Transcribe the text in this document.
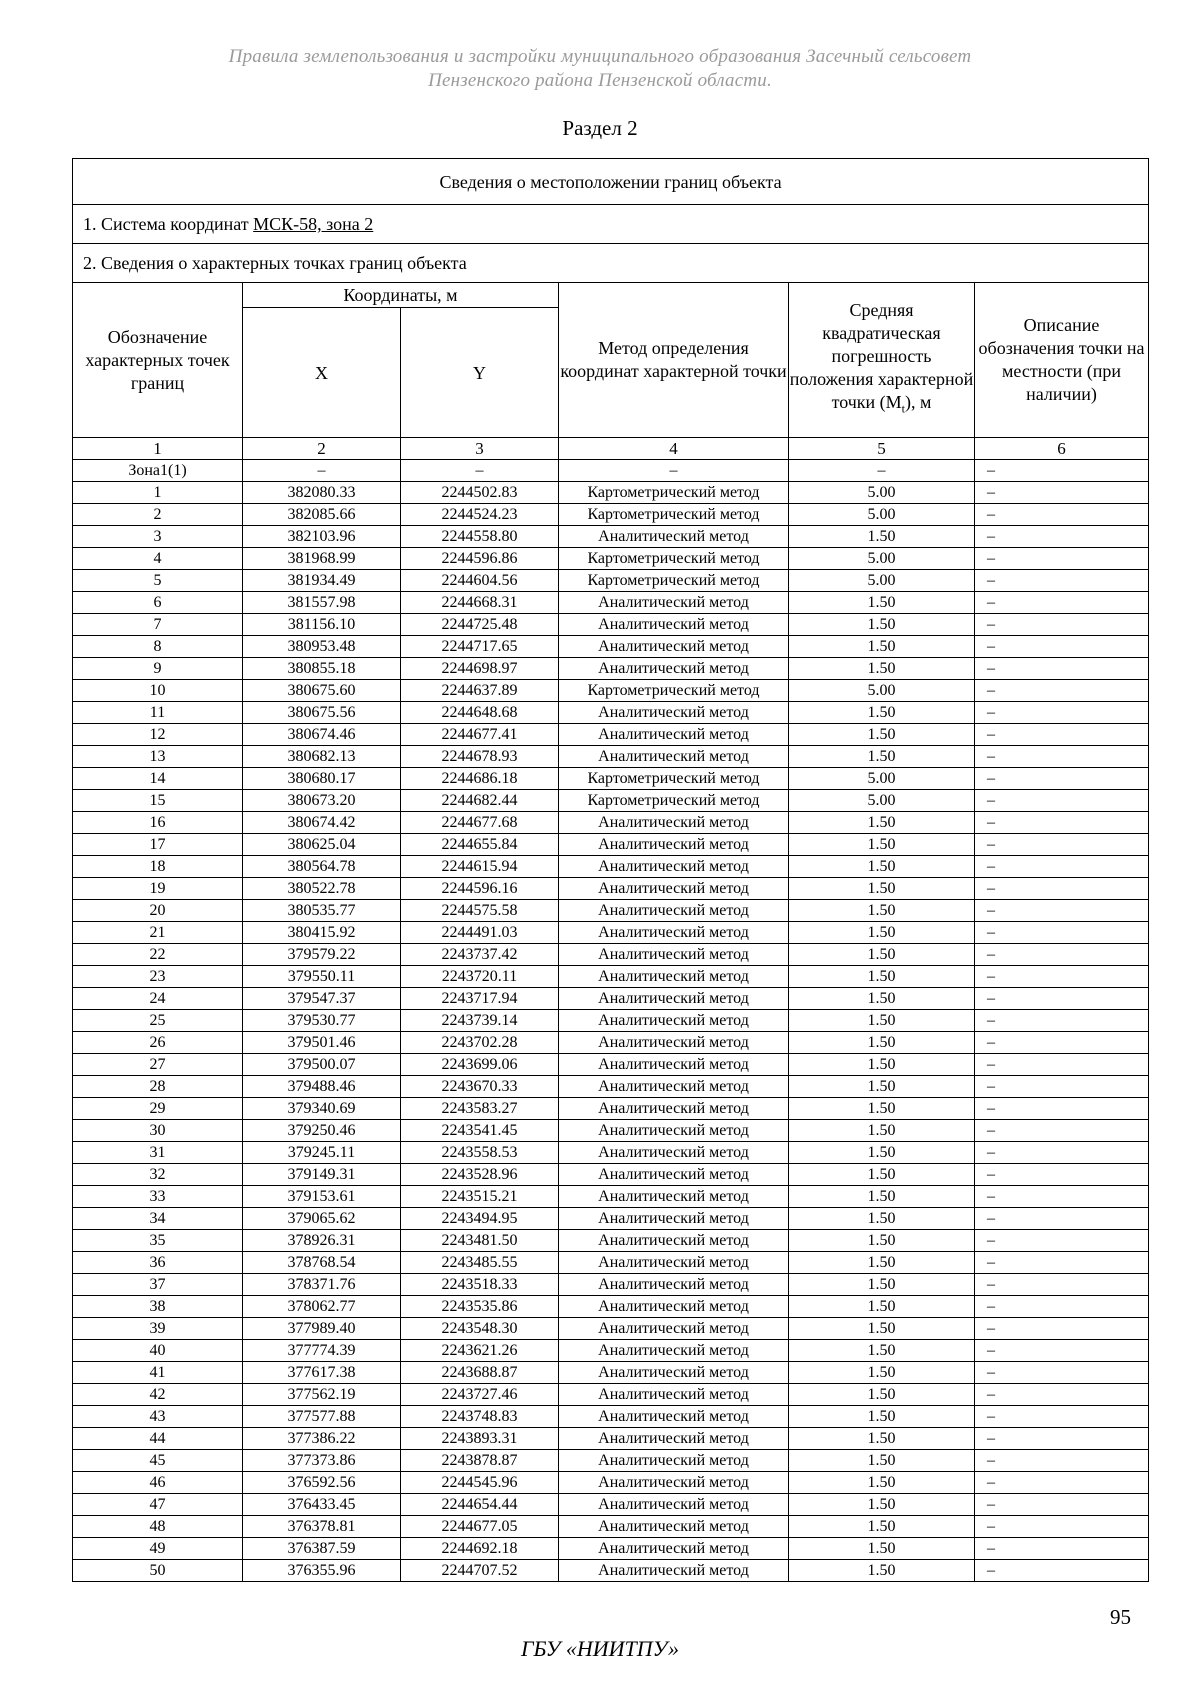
Правила землепользования и застройки муниципального образования Засечный сельсовет
Пензенского района Пензенской области.
Раздел 2
Сведения о местоположении границ объекта					
1. Система координат МСК-58, зона 2					
2. Сведения о характерных точках границ объекта					
Обозначение характерных точек границ	Координаты, м		Метод определения координат характерной точки	Средняя квадратическая погрешность положения характерной точки $(M_t)$, м	Описание обозначения точки на местности (при наличии)
	X	Y			
1	2	3	4	5	6
Зона1(1)	–	–	–	–	–
1	382080.33	2244502.83	Картометрический метод	5.00	–
2	382085.66	2244524.23	Картометрический метод	5.00	–
3	382103.96	2244558.80	Аналитический метод	1.50	–
4	381968.99	2244596.86	Картометрический метод	5.00	–
5	381934.49	2244604.56	Картометрический метод	5.00	–
6	381557.98	2244668.31	Аналитический метод	1.50	–
7	381156.10	2244725.48	Аналитический метод	1.50	–
8	380953.48	2244717.65	Аналитический метод	1.50	–
9	380855.18	2244698.97	Аналитический метод	1.50	–
10	380675.60	2244637.89	Картометрический метод	5.00	–
11	380675.56	2244648.68	Аналитический метод	1.50	–
12	380674.46	2244677.41	Аналитический метод	1.50	–
13	380682.13	2244678.93	Аналитический метод	1.50	–
14	380680.17	2244686.18	Картометрический метод	5.00	–
15	380673.20	2244682.44	Картометрический метод	5.00	–
16	380674.42	2244677.68	Аналитический метод	1.50	–
17	380625.04	2244655.84	Аналитический метод	1.50	–
18	380564.78	2244615.94	Аналитический метод	1.50	–
19	380522.78	2244596.16	Аналитический метод	1.50	–
20	380535.77	2244575.58	Аналитический метод	1.50	–
21	380415.92	2244491.03	Аналитический метод	1.50	–
22	379579.22	2243737.42	Аналитический метод	1.50	–
23	379550.11	2243720.11	Аналитический метод	1.50	–
24	379547.37	2243717.94	Аналитический метод	1.50	–
25	379530.77	2243739.14	Аналитический метод	1.50	–
26	379501.46	2243702.28	Аналитический метод	1.50	–
27	379500.07	2243699.06	Аналитический метод	1.50	–
28	379488.46	2243670.33	Аналитический метод	1.50	–
29	379340.69	2243583.27	Аналитический метод	1.50	–
30	379250.46	2243541.45	Аналитический метод	1.50	–
31	379245.11	2243558.53	Аналитический метод	1.50	–
32	379149.31	2243528.96	Аналитический метод	1.50	–
33	379153.61	2243515.21	Аналитический метод	1.50	–
34	379065.62	2243494.95	Аналитический метод	1.50	–
35	378926.31	2243481.50	Аналитический метод	1.50	–
36	378768.54	2243485.55	Аналитический метод	1.50	–
37	378371.76	2243518.33	Аналитический метод	1.50	–
38	378062.77	2243535.86	Аналитический метод	1.50	–
39	377989.40	2243548.30	Аналитический метод	1.50	–
40	377774.39	2243621.26	Аналитический метод	1.50	–
41	377617.38	2243688.87	Аналитический метод	1.50	–
42	377562.19	2243727.46	Аналитический метод	1.50	–
43	377577.88	2243748.83	Аналитический метод	1.50	–
44	377386.22	2243893.31	Аналитический метод	1.50	–
45	377373.86	2243878.87	Аналитический метод	1.50	–
46	376592.56	2244545.96	Аналитический метод	1.50	–
47	376433.45	2244654.44	Аналитический метод	1.50	–
48	376378.81	2244677.05	Аналитический метод	1.50	–
49	376387.59	2244692.18	Аналитический метод	1.50	–
50	376355.96	2244707.52	Аналитический метод	1.50	–
95
ГБУ «НИИТПУ»
